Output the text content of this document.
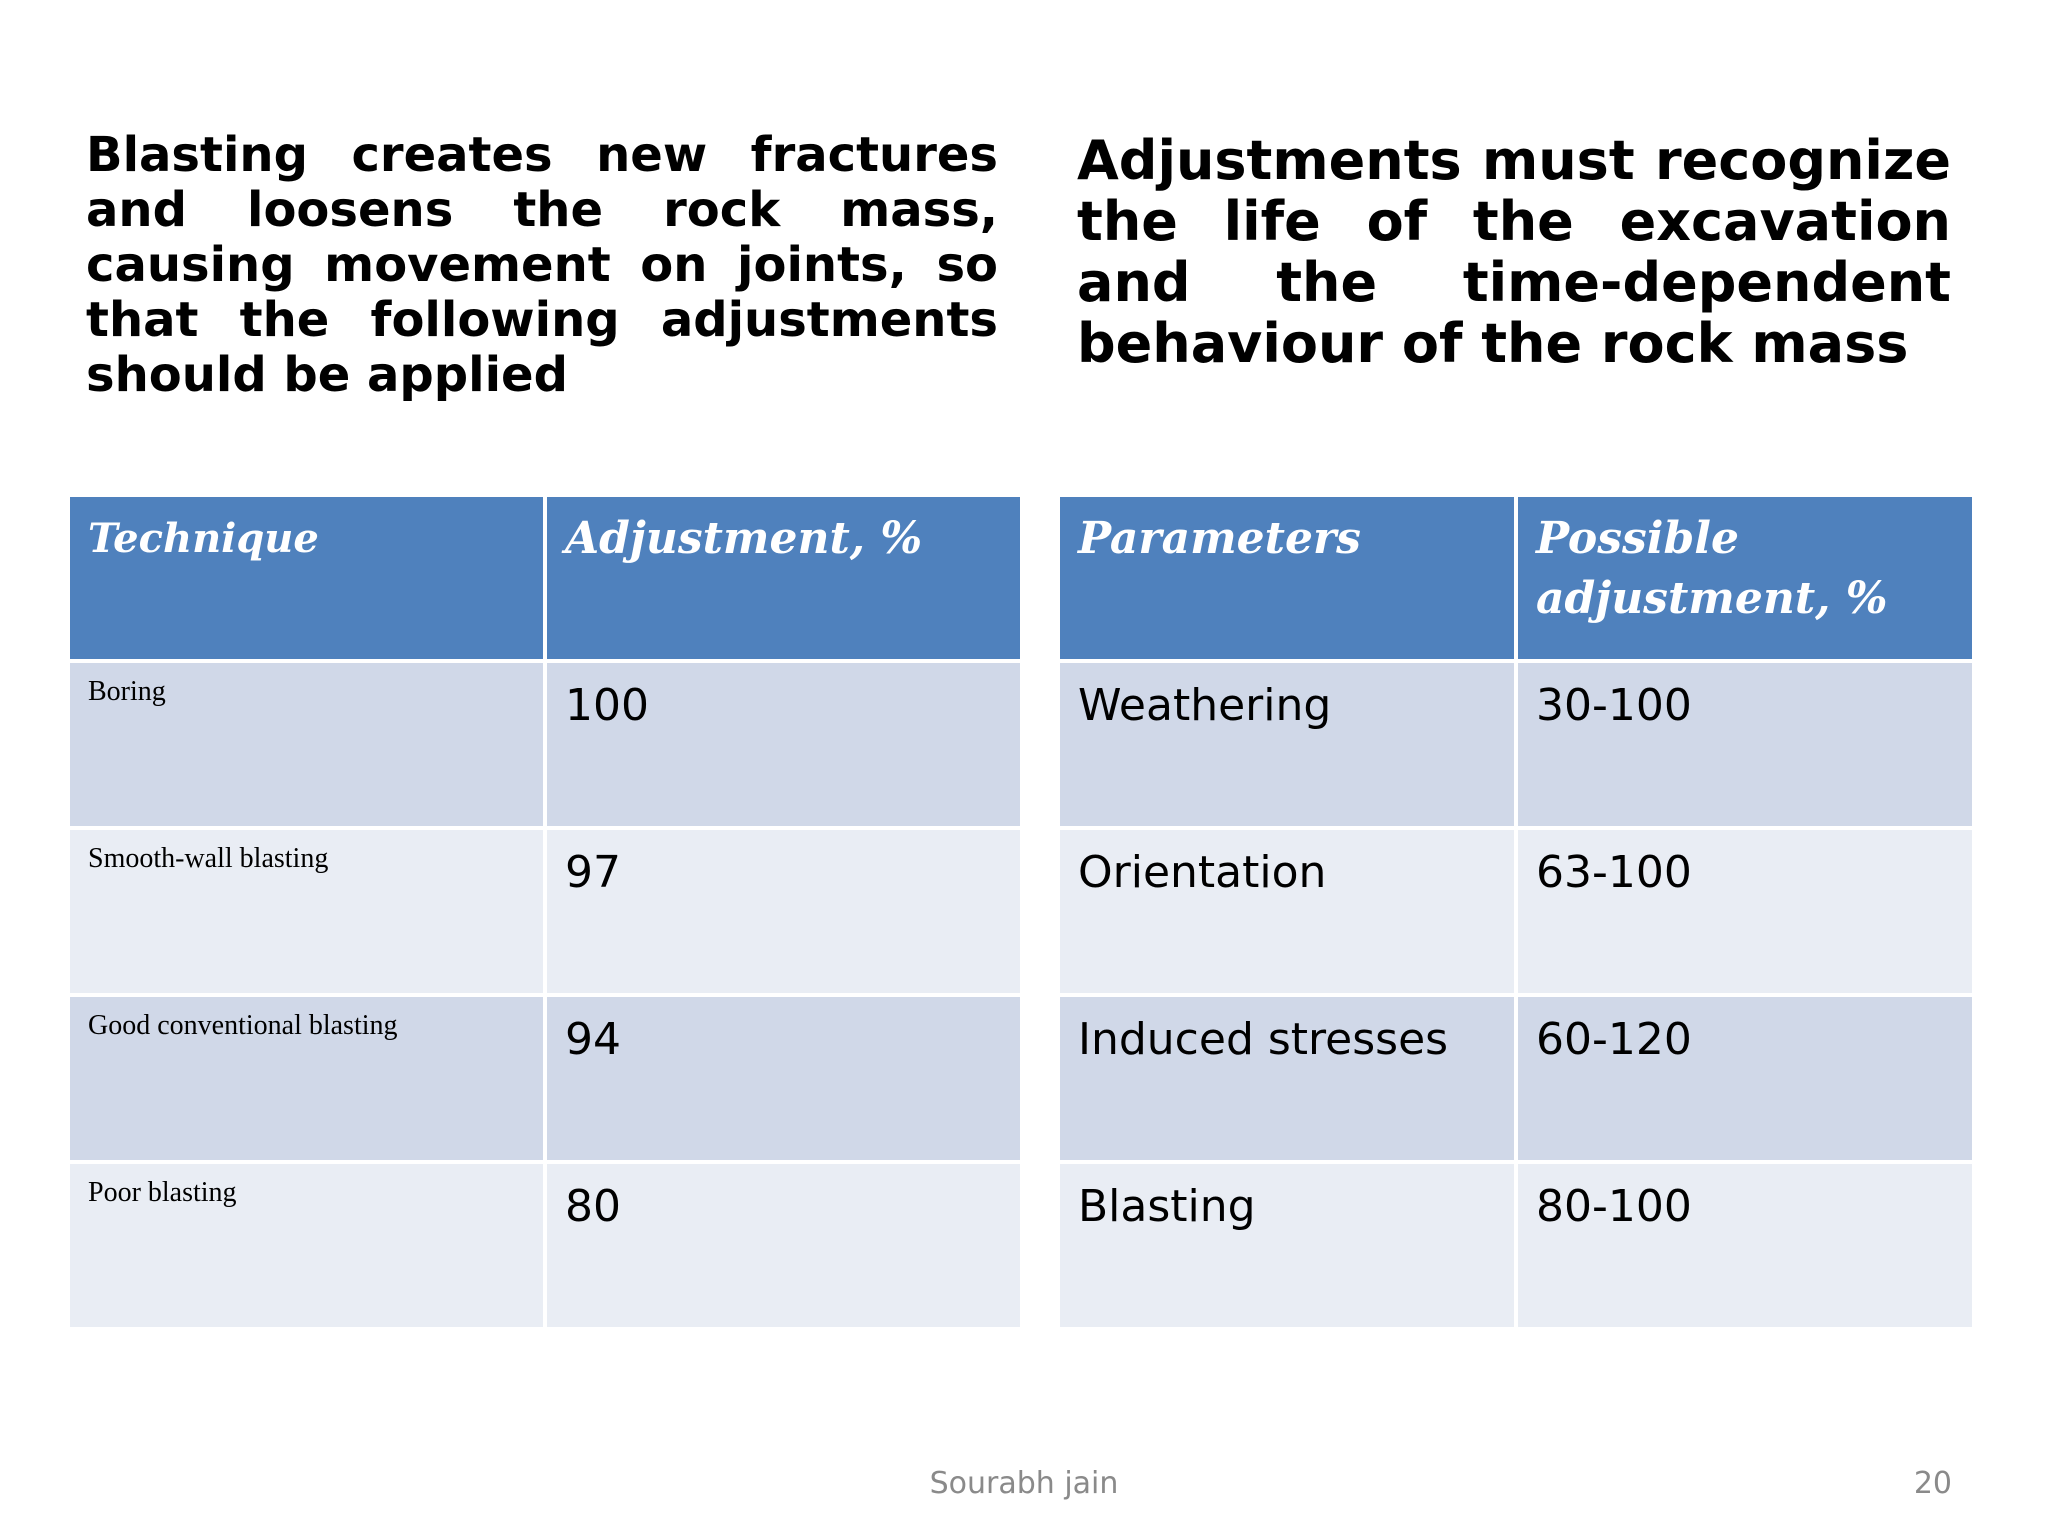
Blasting creates new fractures and loosens the rock mass, causing movement on joints, so that the following adjustments should be applied

Adjustments must recognize the life of the excavation and the time-dependent behaviour of the rock mass

Technique	Adjustment, %
Boring	100
Smooth-wall blasting	97
Good conventional blasting	94
Poor blasting	80
Parameters	Possible adjustment, %
Weathering	30-100
Orientation	63-100
Induced stresses	60-120
Blasting	80-100
Sourabh jain	20
